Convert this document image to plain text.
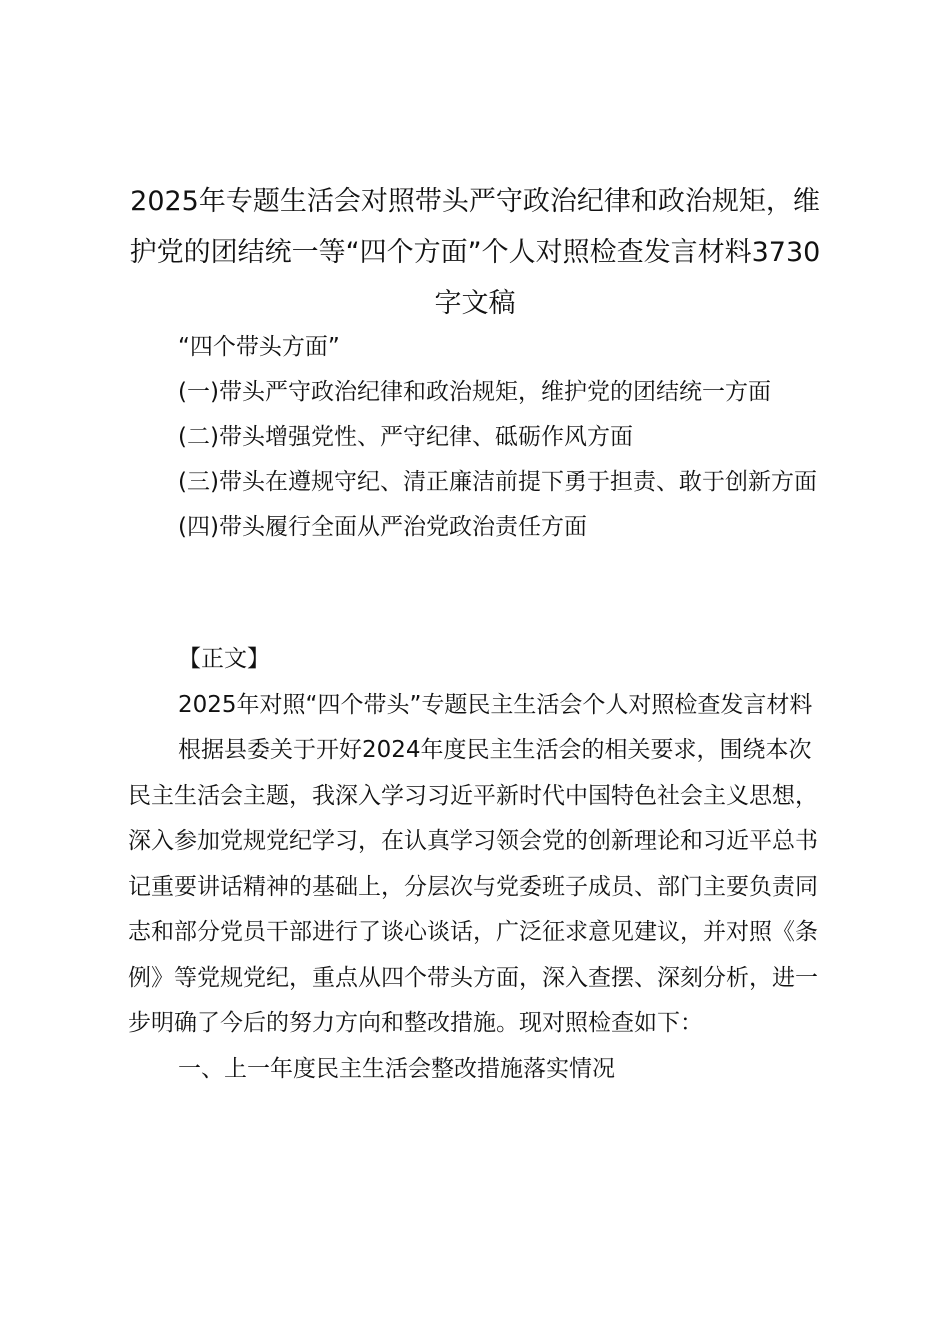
2025年专题生活会对照带头严守政治纪律和政治规矩，维护党的团结统一等“四个方面”个人对照检查发言材料3730字文稿

“四个带头方面”

(一)带头严守政治纪律和政治规矩，维护党的团结统一方面

(二)带头增强党性、严守纪律、砥砺作风方面

(三)带头在遵规守纪、清正廉洁前提下勇于担责、敢于创新方面

(四)带头履行全面从严治党政治责任方面

【正文】

2025年对照“四个带头”专题民主生活会个人对照检查发言材料

根据县委关于开好2024年度民主生活会的相关要求，围绕本次民主生活会主题，我深入学习习近平新时代中国特色社会主义思想，深入参加党规党纪学习，在认真学习领会党的创新理论和习近平总书记重要讲话精神的基础上，分层次与党委班子成员、部门主要负责同志和部分党员干部进行了谈心谈话，广泛征求意见建议，并对照《条例》等党规党纪，重点从四个带头方面，深入查摆、深刻分析，进一步明确了今后的努力方向和整改措施。现对照检查如下：

一、上一年度民主生活会整改措施落实情况
